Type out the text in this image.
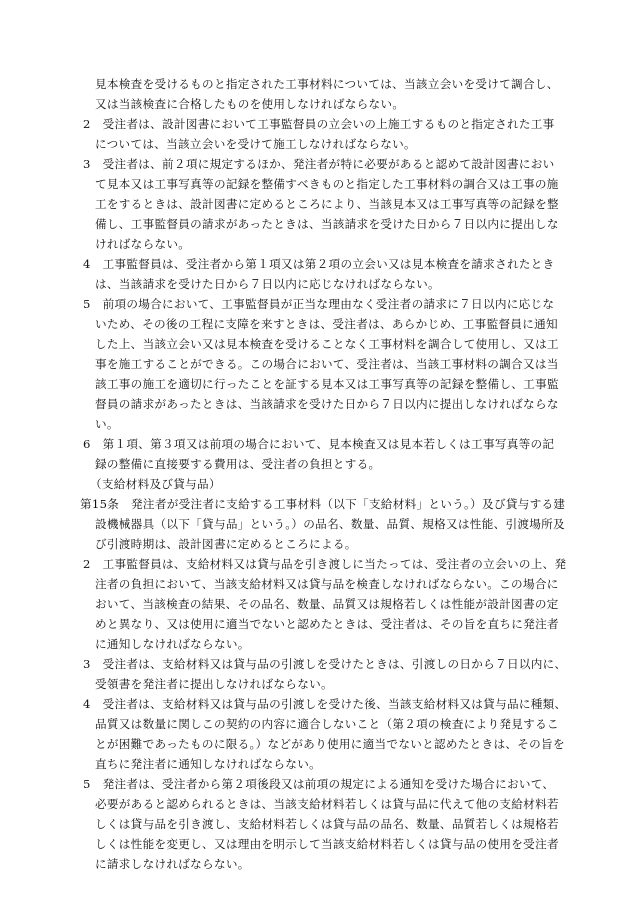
見本検査を受けるものと指定された工事材料については、当該立会いを受けて調合し、

又は当該検査に合格したものを使用しなければならない。

2　受注者は、設計図書において工事監督員の立会いの上施工するものと指定された工事

については、当該立会いを受けて施工しなければならない。

3　受注者は、前２項に規定するほか、発注者が特に必要があると認めて設計図書におい

て見本又は工事写真等の記録を整備すべきものと指定した工事材料の調合又は工事の施

工をするときは、設計図書に定めるところにより、当該見本又は工事写真等の記録を整

備し、工事監督員の請求があったときは、当該請求を受けた日から７日以内に提出しな

ければならない。

4　工事監督員は、受注者から第１項又は第２項の立会い又は見本検査を請求されたとき

は、当該請求を受けた日から７日以内に応じなければならない。

5　前項の場合において、工事監督員が正当な理由なく受注者の請求に７日以内に応じな

いため、その後の工程に支障を来すときは、受注者は、あらかじめ、工事監督員に通知

した上、当該立会い又は見本検査を受けることなく工事材料を調合して使用し、又は工

事を施工することができる。この場合において、受注者は、当該工事材料の調合又は当

該工事の施工を適切に行ったことを証する見本又は工事写真等の記録を整備し、工事監

督員の請求があったときは、当該請求を受けた日から７日以内に提出しなければならな

い。

6　第１項、第３項又は前項の場合において、見本検査又は見本若しくは工事写真等の記

録の整備に直接要する費用は、受注者の負担とする。

（支給材料及び貸与品）

第15条　発注者が受注者に支給する工事材料（以下「支給材料」という。）及び貸与する建

設機械器具（以下「貸与品」という。）の品名、数量、品質、規格又は性能、引渡場所及

び引渡時期は、設計図書に定めるところによる。

2　工事監督員は、支給材料又は貸与品を引き渡しに当たっては、受注者の立会いの上、発

注者の負担において、当該支給材料又は貸与品を検査しなければならない。この場合に

おいて、当該検査の結果、その品名、数量、品質又は規格若しくは性能が設計図書の定

めと異なり、又は使用に適当でないと認めたときは、受注者は、その旨を直ちに発注者

に通知しなければならない。

3　受注者は、支給材料又は貸与品の引渡しを受けたときは、引渡しの日から７日以内に、

受領書を発注者に提出しなければならない。

4　受注者は、支給材料又は貸与品の引渡しを受けた後、当該支給材料又は貸与品に種類、

品質又は数量に関しこの契約の内容に適合しないこと（第２項の検査により発見するこ

とが困難であったものに限る。）などがあり使用に適当でないと認めたときは、その旨を

直ちに発注者に通知しなければならない。

5　発注者は、受注者から第２項後段又は前項の規定による通知を受けた場合において、

必要があると認められるときは、当該支給材料若しくは貸与品に代えて他の支給材料若

しくは貸与品を引き渡し、支給材料若しくは貸与品の品名、数量、品質若しくは規格若

しくは性能を変更し、又は理由を明示して当該支給材料若しくは貸与品の使用を受注者

に請求しなければならない。
